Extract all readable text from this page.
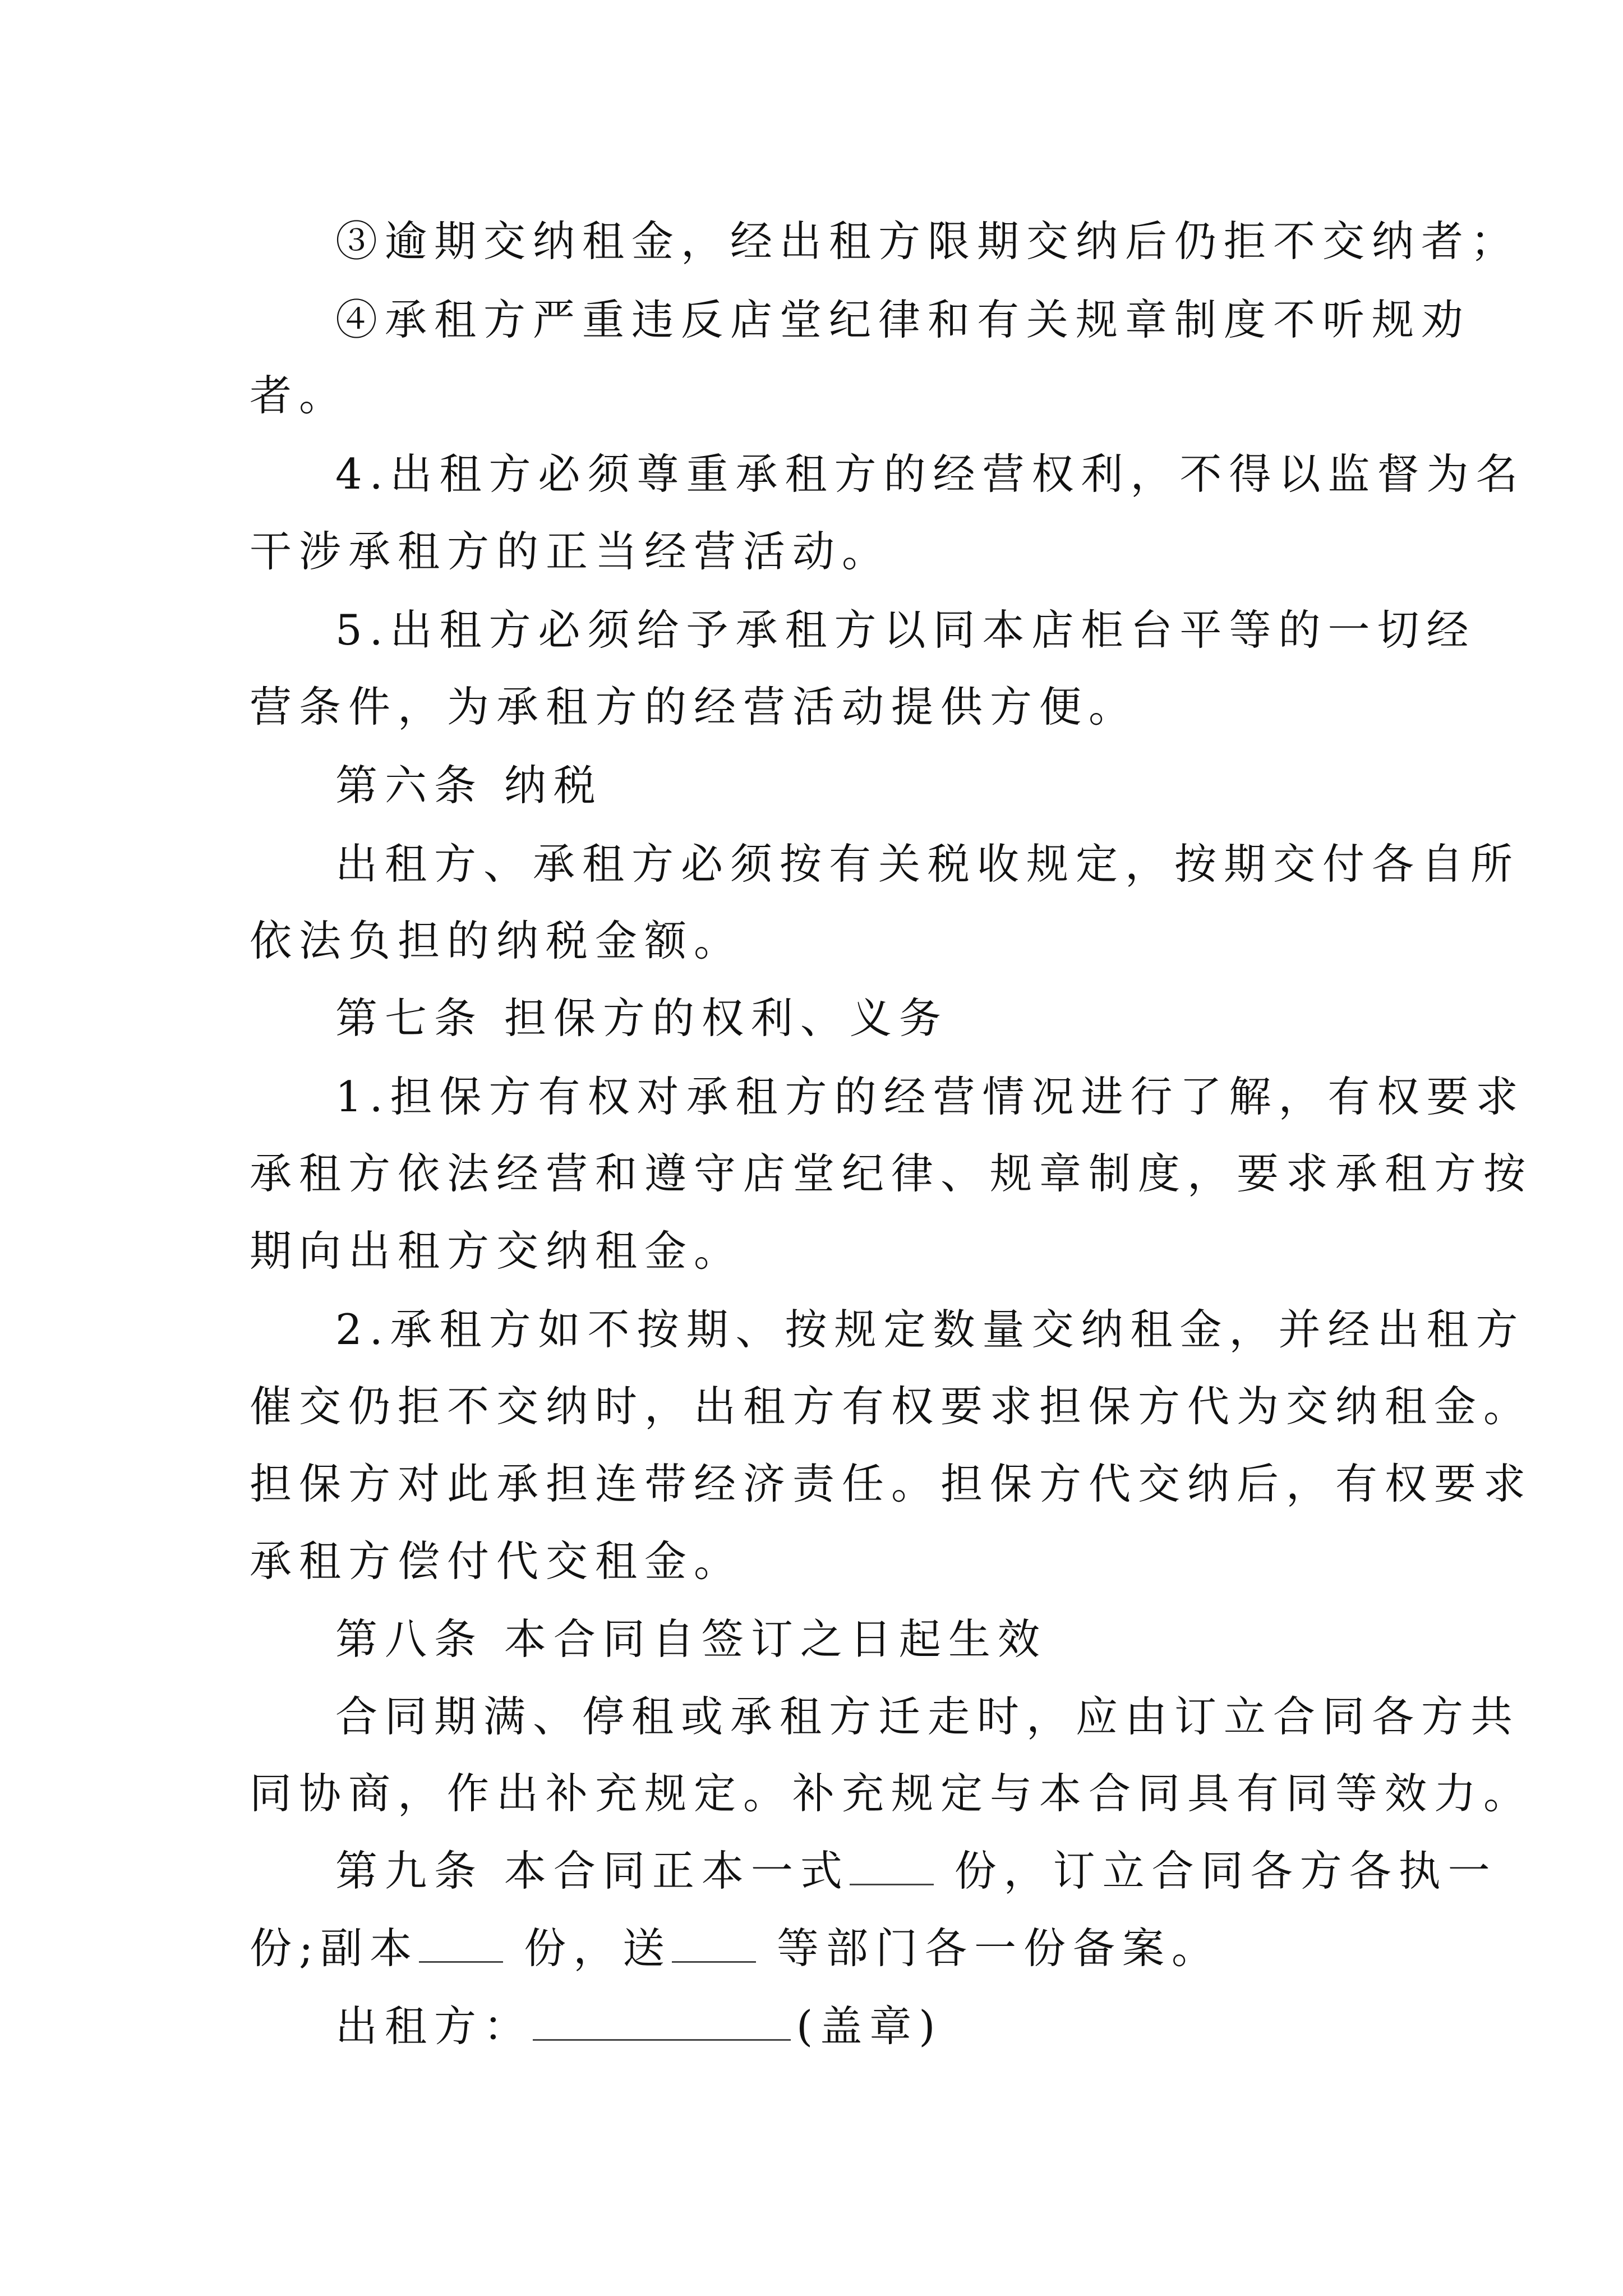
③逾期交纳租金，经出租方限期交纳后仍拒不交纳者；
④承租方严重违反店堂纪律和有关规章制度不听规劝
者。
4.出租方必须尊重承租方的经营权利，不得以监督为名
干涉承租方的正当经营活动。
5.出租方必须给予承租方以同本店柜台平等的一切经
营条件，为承租方的经营活动提供方便。
第六条 纳税
出租方、承租方必须按有关税收规定，按期交付各自所
依法负担的纳税金额。
第七条 担保方的权利、义务
1.担保方有权对承租方的经营情况进行了解，有权要求
承租方依法经营和遵守店堂纪律、规章制度，要求承租方按
期向出租方交纳租金。
2.承租方如不按期、按规定数量交纳租金，并经出租方
催交仍拒不交纳时，出租方有权要求担保方代为交纳租金。
担保方对此承担连带经济责任。担保方代交纳后，有权要求
承租方偿付代交租金。
第八条 本合同自签订之日起生效
合同期满、停租或承租方迁走时，应由订立合同各方共
同协商，作出补充规定。补充规定与本合同具有同等效力。
第九条 本合同正本一式 份，订立合同各方各执一
份;副本 份，送 等部门各一份备案。
出租方：	(盖章)
